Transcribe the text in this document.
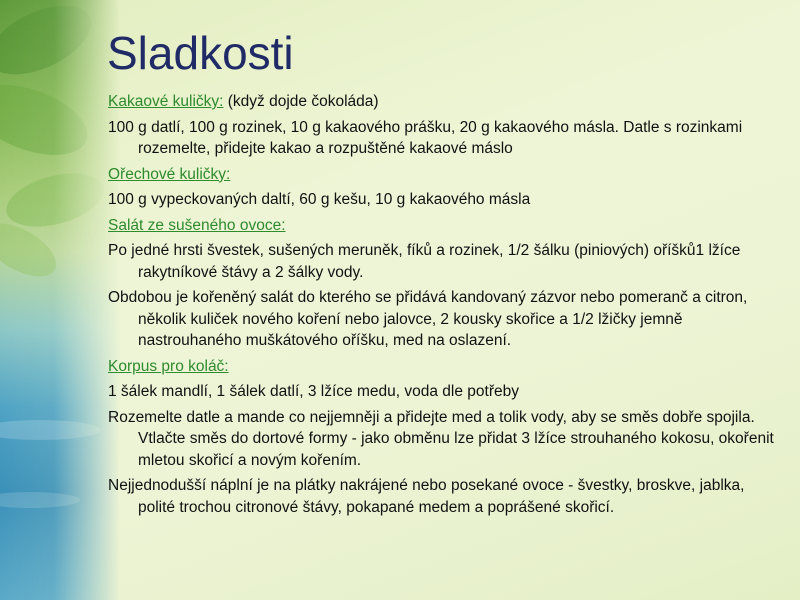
Sladkosti

Kakaové kuličky: (když dojde čokoláda)

100 g datlí, 100 g rozinek, 10 g kakaového prášku, 20 g kakaového másla. Datle s rozinkami rozemelte, přidejte kakao a rozpuštěné kakaové máslo

Ořechové kuličky:

100 g vypeckovaných daltí, 60 g kešu, 10 g kakaového másla

Salát ze sušeného ovoce:

Po jedné hrsti švestek, sušených meruněk, fíků a rozinek, 1/2 šálku (piniových) oříšků1 lžíce rakytníkové štávy a 2 šálky vody.

Obdobou je kořeněný salát do kterého se přidává kandovaný zázvor nebo pomeranč a citron, několik kuliček nového koření nebo jalovce, 2 kousky skořice a 1/2 lžičky jemně nastrouhaného muškátového oříšku, med na oslazení.

Korpus pro koláč:

1 šálek mandlí, 1 šálek datlí, 3 lžíce medu, voda dle potřeby

Rozemelte datle a mande co nejjemněji a přidejte med a tolik vody, aby se směs dobře spojila. Vtlačte směs do dortové formy - jako obměnu lze přidat 3 lžíce strouhaného kokosu, okořenit mletou skořicí a novým kořením.

Nejjednodušší náplní je na plátky nakrájené nebo posekané ovoce - švestky, broskve, jablka, polité trochou citronové štávy, pokapané medem a poprášené skořicí.
